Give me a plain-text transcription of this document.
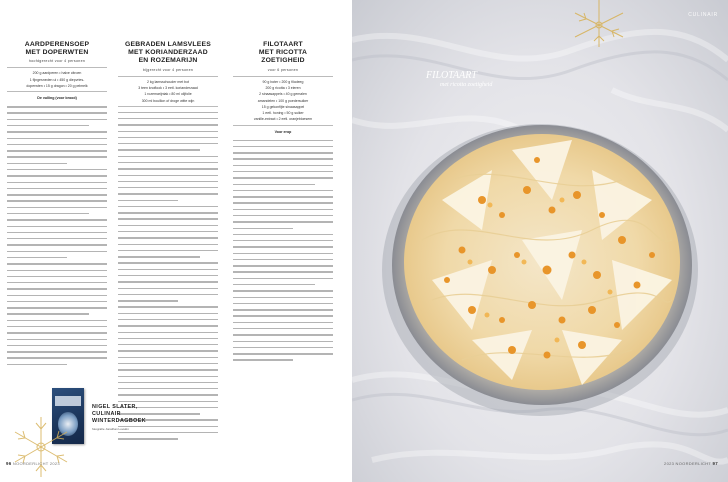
AARDPERENSOEP
MET DOPERWTEN
hoofdgerecht voor 4 personen
200 g aardperen • halve citroen
1 fijngesneden ui • 450 g diepvries-
doperwten • 15 g dragon • 20 g pelmelk
De vulling (voor brood)
GEBRADEN LAMSVLEES
MET KORIANDERZAAD
EN ROZEMARIJN
bijgerecht voor 4 personen
2 kg lamsschouder met bot
3 teen knoflook • 3 eetl. korianderzaad
1 rozemarijntak • 80 ml olijfolie
300 ml bouillon of droge witte wijn
FILOTAART
MET RICOTTA
ZOETIGHEID
voor 6 personen
90 g boter • 200 g filodeeg
200 g ricotta • 3 eieren
2 sinaasappels • 40 g gemalen
amandelen • 100 g poedersuiker
15 g gekonfijte sinaasappel
1 eetl. honing • 50 g suiker
vanille-extract • 2 eetl. oranjebloesem
Voor erop
NIGEL SLATER,
CULINAIR
WINTERDAGBOEK
fotografie Jonathan Lovekin
96 NOORDERLICHT 2023
CULINAIR
FILOTAART
met ricotta zoetigheid
2023 NOORDERLICHT 97
